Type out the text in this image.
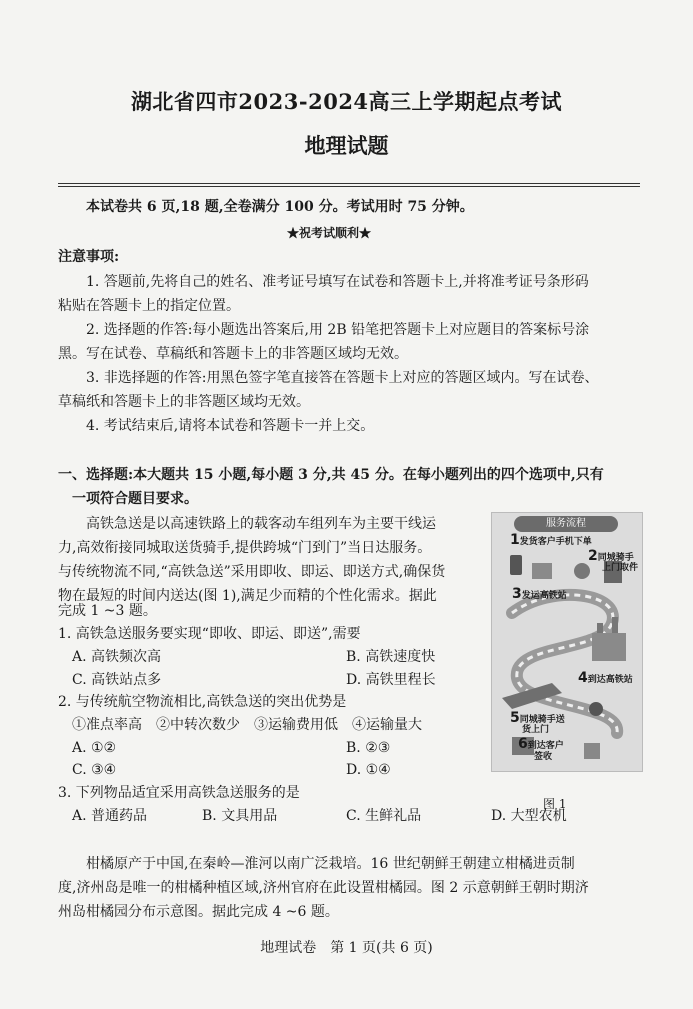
湖北省四市2023-2024高三上学期起点考试
地理试题
本试卷共 6 页,18 题,全卷满分 100 分。考试用时 75 分钟。
★祝考试顺利★
注意事项:
1. 答题前,先将自己的姓名、准考证号填写在试卷和答题卡上,并将准考证号条形码
粘贴在答题卡上的指定位置。
2. 选择题的作答:每小题选出答案后,用 2B 铅笔把答题卡上对应题目的答案标号涂
黑。写在试卷、草稿纸和答题卡上的非答题区域均无效。
3. 非选择题的作答:用黑色签字笔直接答在答题卡上对应的答题区域内。写在试卷、
草稿纸和答题卡上的非答题区域均无效。
4. 考试结束后,请将本试卷和答题卡一并上交。
一、选择题:本大题共 15 小题,每小题 3 分,共 45 分。在每小题列出的四个选项中,只有
一项符合题目要求。
高铁急送是以高速铁路上的载客动车组列车为主要干线运
力,高效衔接同城取送货骑手,提供跨城“门到门”当日达服务。
与传统物流不同,“高铁急送”采用即收、即运、即送方式,确保货
物在最短的时间内送达(图 1),满足少而精的个性化需求。据此
完成 1 ~3 题。
1. 高铁急送服务要实现“即收、即运、即送”,需要
A. 高铁频次高	B. 高铁速度快
C. 高铁站点多	D. 高铁里程长
2. 与传统航空物流相比,高铁急送的突出优势是
①准点率高　②中转次数少　③运输费用低　④运输量大
A. ①②	B. ②③
C. ③④	D. ①④
3. 下列物品适宜采用高铁急送服务的是
A. 普通药品	B. 文具用品	C. 生鲜礼品	D. 大型农机
服务流程
1发货客户手机下单
2同城骑手
上门取件
3发运高铁站
4到达高铁站
5同城骑手送
货上门
6到达客户
签收
图 1
柑橘原产于中国,在秦岭—淮河以南广泛栽培。16 世纪朝鲜王朝建立柑橘进贡制
度,济州岛是唯一的柑橘种植区域,济州官府在此设置柑橘园。图 2 示意朝鲜王朝时期济
州岛柑橘园分布示意图。据此完成 4 ~6 题。
地理试卷　第 1 页(共 6 页)
